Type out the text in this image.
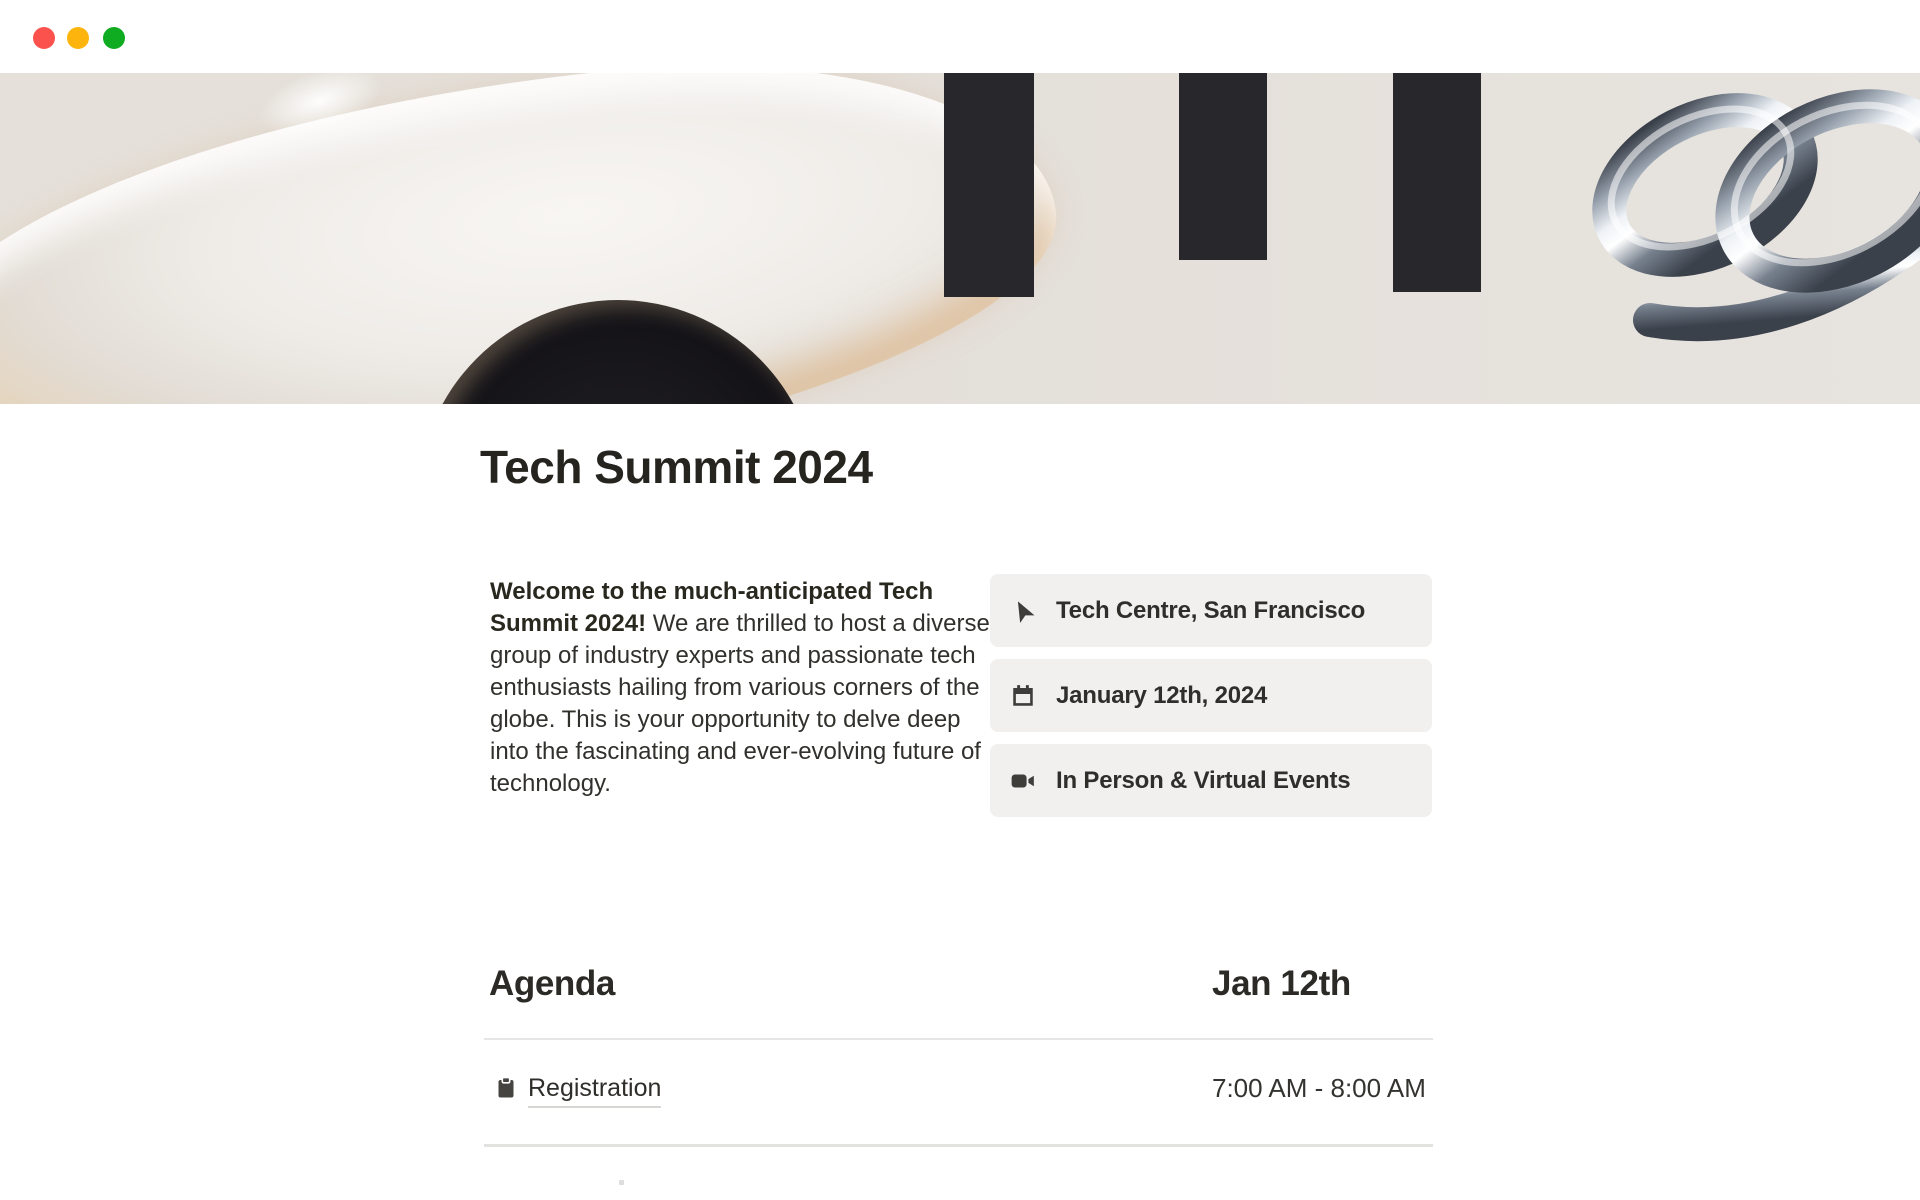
Tech Summit 2024

Welcome to the much-anticipated Tech Summit 2024! We are thrilled to host a diverse group of industry experts and passionate tech enthusiasts hailing from various corners of the globe. This is your opportunity to delve deep into the fascinating and ever-evolving future of technology.

Tech Centre, San Francisco
January 12th, 2024
In Person & Virtual Events
Agenda	Jan 12th
Registration	7:00 AM - 8:00 AM
